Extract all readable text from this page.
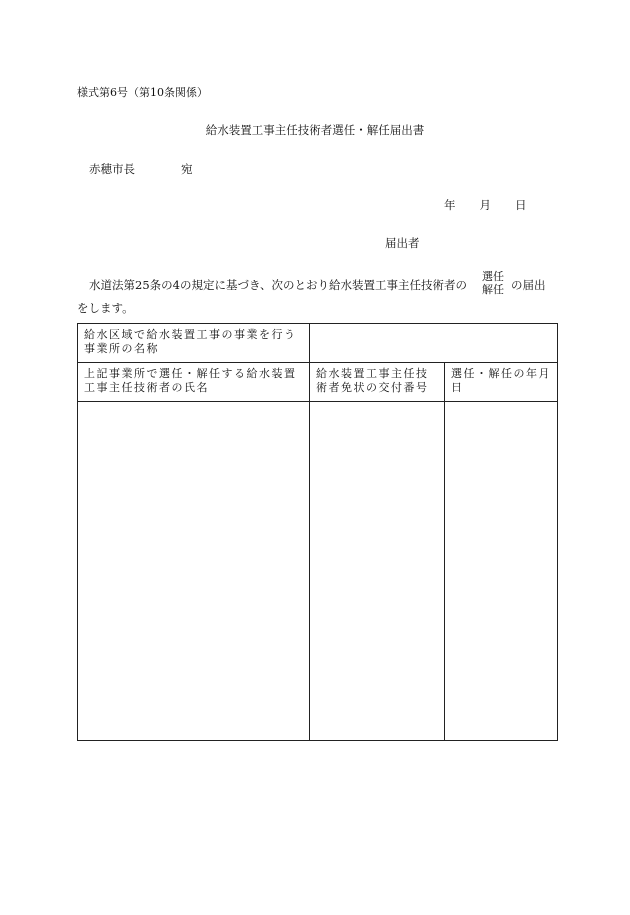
様式第6号（第10条関係）
給水装置工事主任技術者選任・解任届出書
赤穂市長	宛
年 月 日
届出者
水道法第25条の4の規定に基づき、次のとおり給水装置工事主任技術者の
選任
解任 の届出
をします。
給水区域で給水装置工事の事業を行う事業所の名称		
上記事業所で選任・解任する給水装置工事主任技術者の氏名	給水装置工事主任技術者免状の交付番号	選任・解任の年月日
